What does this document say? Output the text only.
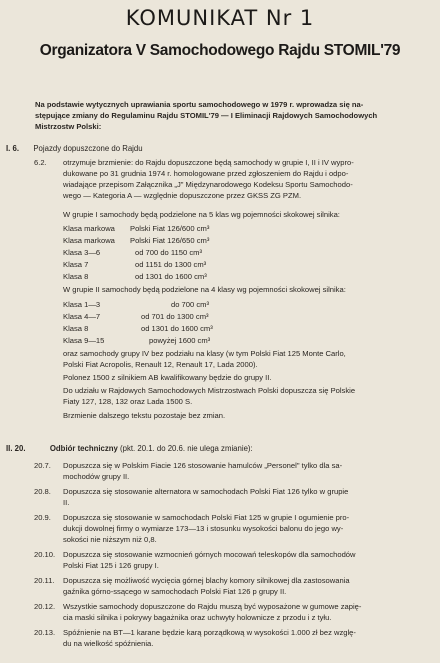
KOMUNIKAT Nr 1
Organizatora V Samochodowego Rajdu STOMIL'79
Na podstawie wytycznych uprawiania sportu samochodowego w 1979 r. wprowadza się na-
stępujące zmiany do Regulaminu Rajdu STOMIL'79 — I Eliminacji Rajdowych Samochodowych
Mistrzostw Polski:
I. 6. Pojazdy dopuszczone do Rajdu
6.2. otrzymuje brzmienie: do Rajdu dopuszczone będą samochody w grupie I, II i IV wypro-
dukowane po 31 grudnia 1974 r. homologowane przed zgłoszeniem do Rajdu i odpo-
wiadające przepisom Załącznika „J" Międzynarodowego Kodeksu Sportu Samochodo-
wego — Kategoria A — względnie dopuszczone przez GKSS ZG PZM.
W grupie I samochody będą podzielone na 5 klas wg pojemności skokowej silnika:
Klasa markowa Polski Fiat 126/600 cm³
Klasa markowa Polski Fiat 126/650 cm³
Klasa 3—6	od 700 do 1150 cm³
Klasa 7	od 1151 do 1300 cm³
Klasa 8	od 1301 do 1600 cm³
W grupie II samochody będą podzielone na 4 klasy wg pojemności skokowej silnika:
Klasa 1—3	do 700 cm³
Klasa 4—7	od 701 do 1300 cm³
Klasa 8	od 1301 do 1600 cm³
Klasa 9—15	powyżej 1600 cm³
oraz samochody grupy IV bez podziału na klasy (w tym Polski Fiat 125 Monte Carlo,
Polski Fiat Acropolis, Renault 12, Renault 17, Lada 2000).
Polonez 1500 z silnikiem AB kwalifikowany będzie do grupy II.
Do udziału w Rajdowych Samochodowych Mistrzostwach Polski dopuszcza się Polskie
Fiaty 127, 128, 132 oraz Lada 1500 S.
Brzmienie dalszego tekstu pozostaje bez zmian.
II. 20.	Odbiór techniczny (pkt. 20.1. do 20.6. nie ulega zmianie):
20.7. Dopuszcza się w Polskim Fiacie 126 stosowanie hamulców „Personel" tylko dla sa-
mochodów grupy II.
20.8. Dopuszcza się stosowanie alternatora w samochodach Polski Fiat 126 tylko w grupie
II.
20.9. Dopuszcza się stosowanie w samochodach Polski Fiat 125 w grupie I ogumienie pro-
dukcji dowolnej firmy o wymiarze 173—13 i stosunku wysokości balonu do jego wy-
sokości nie niższym niż 0,8.
20.10. Dopuszcza się stosowanie wzmocnień górnych mocowań teleskopów dla samochodów
Polski Fiat 125 i 126 grupy I.
20.11. Dopuszcza się możliwość wycięcia górnej blachy komory silnikowej dla zastosowania
gaźnika górno-ssącego w samochodach Polski Fiat 126 p grupy II.
20.12. Wszystkie samochody dopuszczone do Rajdu muszą być wyposażone w gumowe zapię-
cia maski silnika i pokrywy bagażnika oraz uchwyty holownicze z przodu i z tyłu.
20.13. Spóźnienie na BT—1 karane będzie karą porządkową w wysokości 1.000 zł bez wzglę-
du na wielkość spóźnienia.
